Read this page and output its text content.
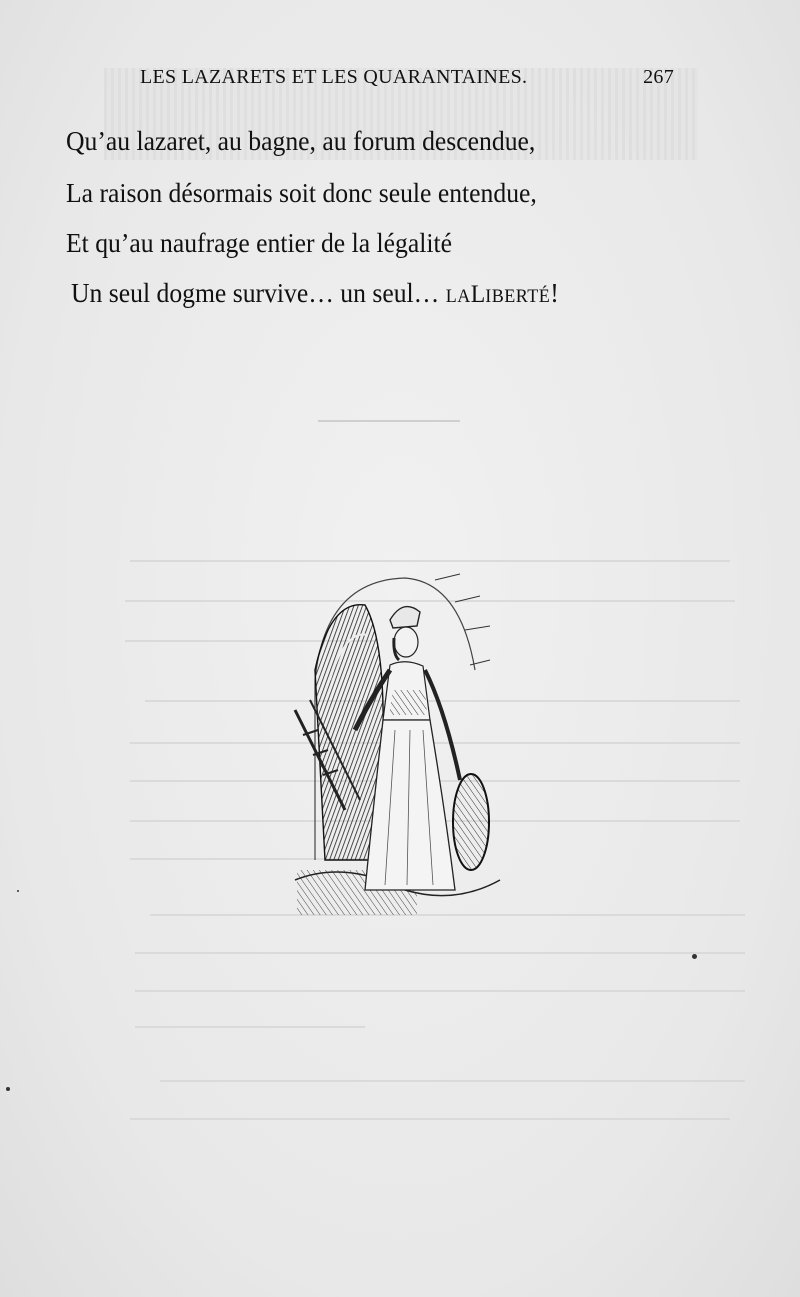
LES LAZARETS ET LES QUARANTAINES.	267
Qu’au lazaret, au bagne, au forum descendue,
La raison désormais soit donc seule entendue,
Et qu’au naufrage entier de la légalité
Un seul dogme survive… un seul… LALIBERTÉ!
